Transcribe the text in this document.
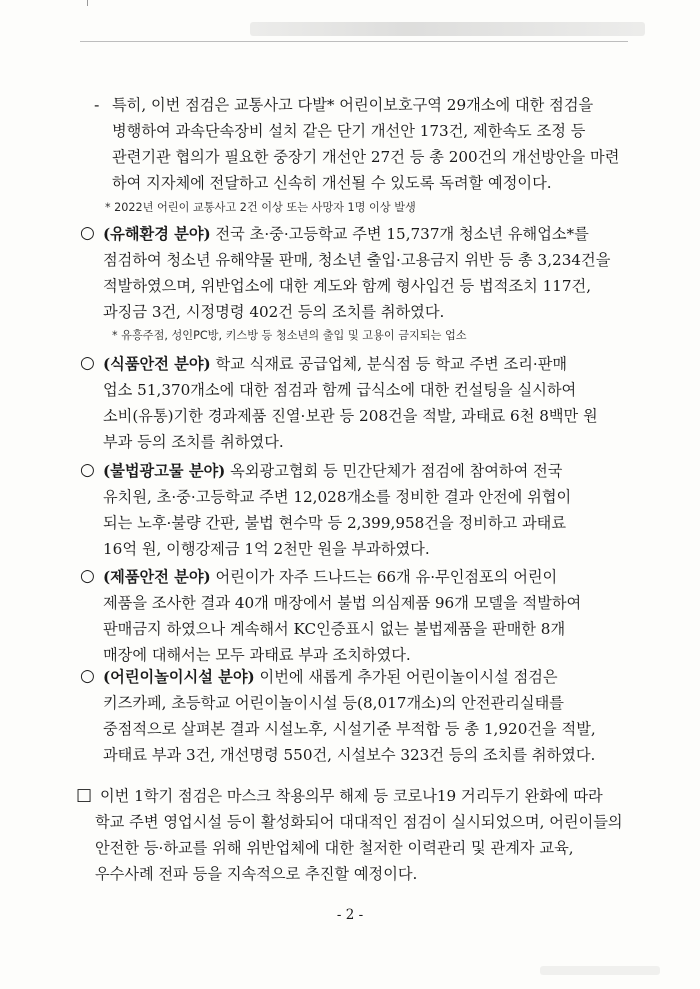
- 특히, 이번 점검은 교통사고 다발* 어린이보호구역 29개소에 대한 점검을
병행하여 과속단속장비 설치 같은 단기 개선안 173건, 제한속도 조정 등
관련기관 협의가 필요한 중장기 개선안 27건 등 총 200건의 개선방안을 마련
하여 지자체에 전달하고 신속히 개선될 수 있도록 독려할 예정이다.
* 2022년 어린이 교통사고 2건 이상 또는 사망자 1명 이상 발생
○ (유해환경 분야) 전국 초·중·고등학교 주변 15,737개 청소년 유해업소*를
점검하여 청소년 유해약물 판매, 청소년 출입·고용금지 위반 등 총 3,234건을
적발하였으며, 위반업소에 대한 계도와 함께 형사입건 등 법적조치 117건,
과징금 3건, 시정명령 402건 등의 조치를 취하였다.
* 유흥주점, 성인PC방, 키스방 등 청소년의 출입 및 고용이 금지되는 업소
○ (식품안전 분야) 학교 식재료 공급업체, 분식점 등 학교 주변 조리·판매
업소 51,370개소에 대한 점검과 함께 급식소에 대한 컨설팅을 실시하여
소비(유통)기한 경과제품 진열·보관 등 208건을 적발, 과태료 6천 8백만 원
부과 등의 조치를 취하였다.
○ (불법광고물 분야) 옥외광고협회 등 민간단체가 점검에 참여하여 전국
유치원, 초·중·고등학교 주변 12,028개소를 정비한 결과 안전에 위협이
되는 노후·불량 간판, 불법 현수막 등 2,399,958건을 정비하고 과태료
16억 원, 이행강제금 1억 2천만 원을 부과하였다.
○ (제품안전 분야) 어린이가 자주 드나드는 66개 유·무인점포의 어린이
제품을 조사한 결과 40개 매장에서 불법 의심제품 96개 모델을 적발하여
판매금지 하였으나 계속해서 KC인증표시 없는 불법제품을 판매한 8개
매장에 대해서는 모두 과태료 부과 조치하였다.
○ (어린이놀이시설 분야) 이번에 새롭게 추가된 어린이놀이시설 점검은
키즈카페, 초등학교 어린이놀이시설 등(8,017개소)의 안전관리실태를
중점적으로 살펴본 결과 시설노후, 시설기준 부적합 등 총 1,920건을 적발,
과태료 부과 3건, 개선명령 550건, 시설보수 323건 등의 조치를 취하였다.
□ 이번 1학기 점검은 마스크 착용의무 해제 등 코로나19 거리두기 완화에 따라
학교 주변 영업시설 등이 활성화되어 대대적인 점검이 실시되었으며, 어린이들의
안전한 등·하교를 위해 위반업체에 대한 철저한 이력관리 및 관계자 교육,
우수사례 전파 등을 지속적으로 추진할 예정이다.
- 2 -
